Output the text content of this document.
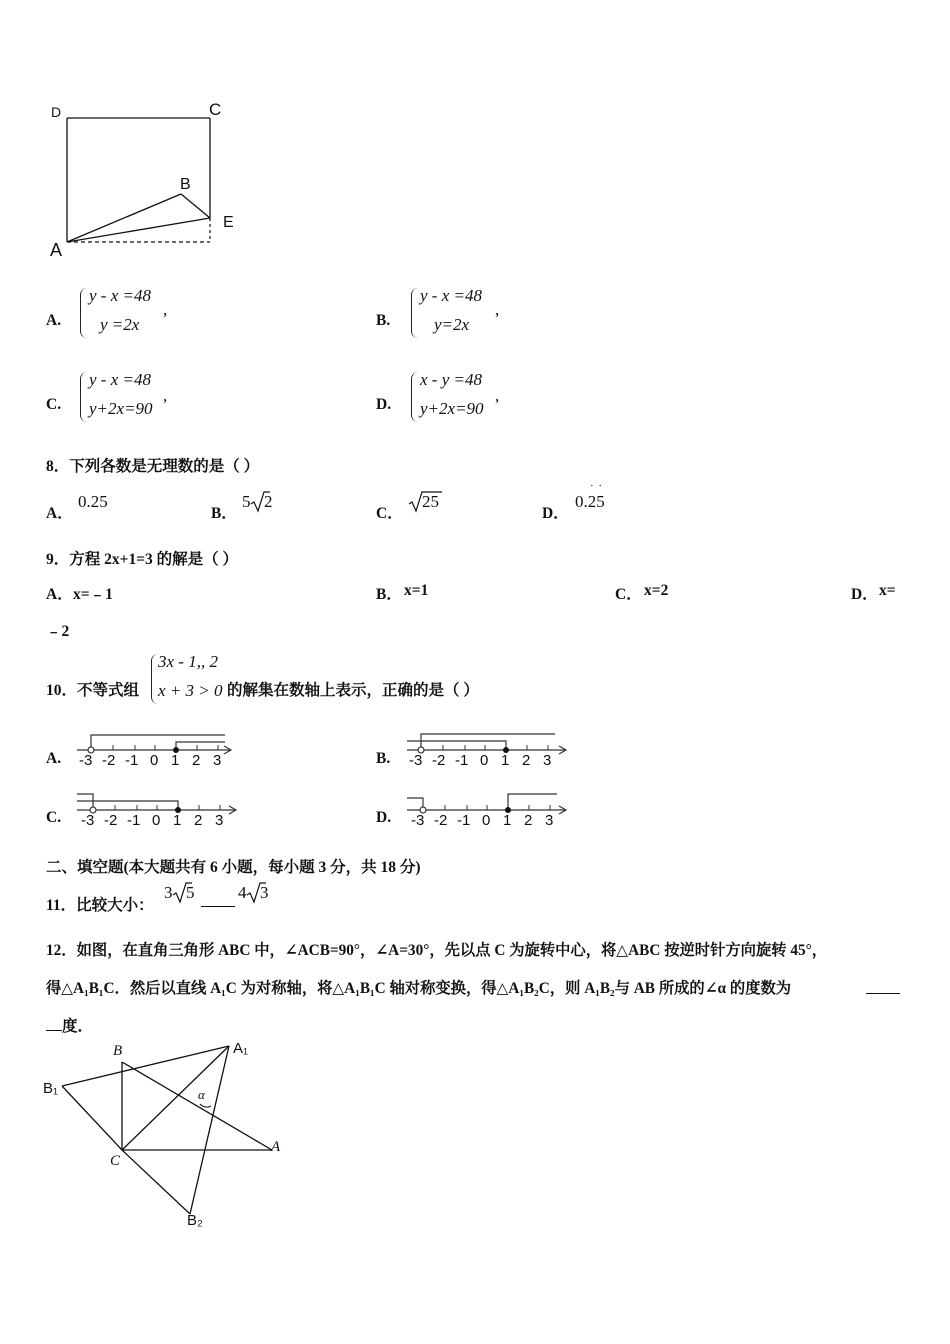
D	C
B
E
A
A.
y - x =48
y =2x
,
B.
y - x =48
y=2x
,
C.
y - x =48
y+2x=90
,	D.
x - y =48
y+2x=90
,
8．下列各数是无理数的是（ ）
A．
0.25
B．
5 2
C．
25
D．
0.25
· ·
9．方程 2x+1=3 的解是（ ）
A． x=﹣1	B． x=1	C． x=2	D． x=
﹣2
10．不等式组
3x - 1,, 2
x + 3 > 0 的解集在数轴上表示，正确的是（ ）
A.	B.
C.	D.
-3 -2 -1 0 1 2 3	-3 -2 -1 0 1 2 3
-3 -2 -1 0 1 2 3	-3 -2 -1 0 1 2 3
二、填空题(本大题共有 6 小题，每小题 3 分，共 18 分)
11．比较大小：
3 5	4 3
12．如图，在直角三角形 ABC 中，∠ACB=90°，∠A=30°，先以点 C 为旋转中心，将△ABC 按逆时针方向旋转 45°，
得△A₁B₁C．然后以直线 A₁C 为对称轴，将△A₁B₁C 轴对称变换，得△A₁B₂C，则 A₁B₂与 AB 所成的∠α 的度数为
度．
B	A₁
B₁	α
C
A
B₂
